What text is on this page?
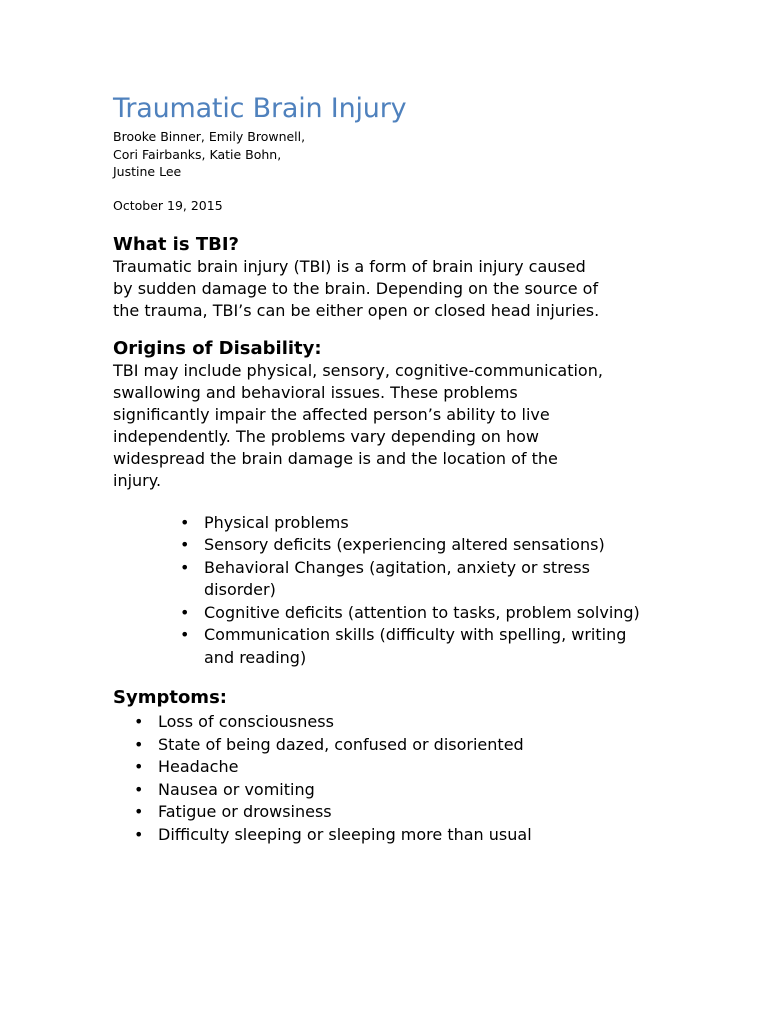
Traumatic Brain Injury
Brooke Binner, Emily Brownell,
Cori Fairbanks, Katie Bohn,
Justine Lee
October 19, 2015
What is TBI?
Traumatic brain injury (TBI) is a form of brain injury caused
by sudden damage to the brain. Depending on the source of
the trauma, TBI’s can be either open or closed head injuries.
Origins of Disability:
TBI may include physical, sensory, cognitive-communication,
swallowing and behavioral issues. These problems
significantly impair the affected person’s ability to live
independently. The problems vary depending on how
widespread the brain damage is and the location of the
injury.
• Physical problems
• Sensory deficits (experiencing altered sensations)
• Behavioral Changes (agitation, anxiety or stress disorder)
• Cognitive deficits (attention to tasks, problem solving)
• Communication skills (difficulty with spelling, writing and reading)
Symptoms:
• Loss of consciousness
• State of being dazed, confused or disoriented
• Headache
• Nausea or vomiting
• Fatigue or drowsiness
• Difficulty sleeping or sleeping more than usual
